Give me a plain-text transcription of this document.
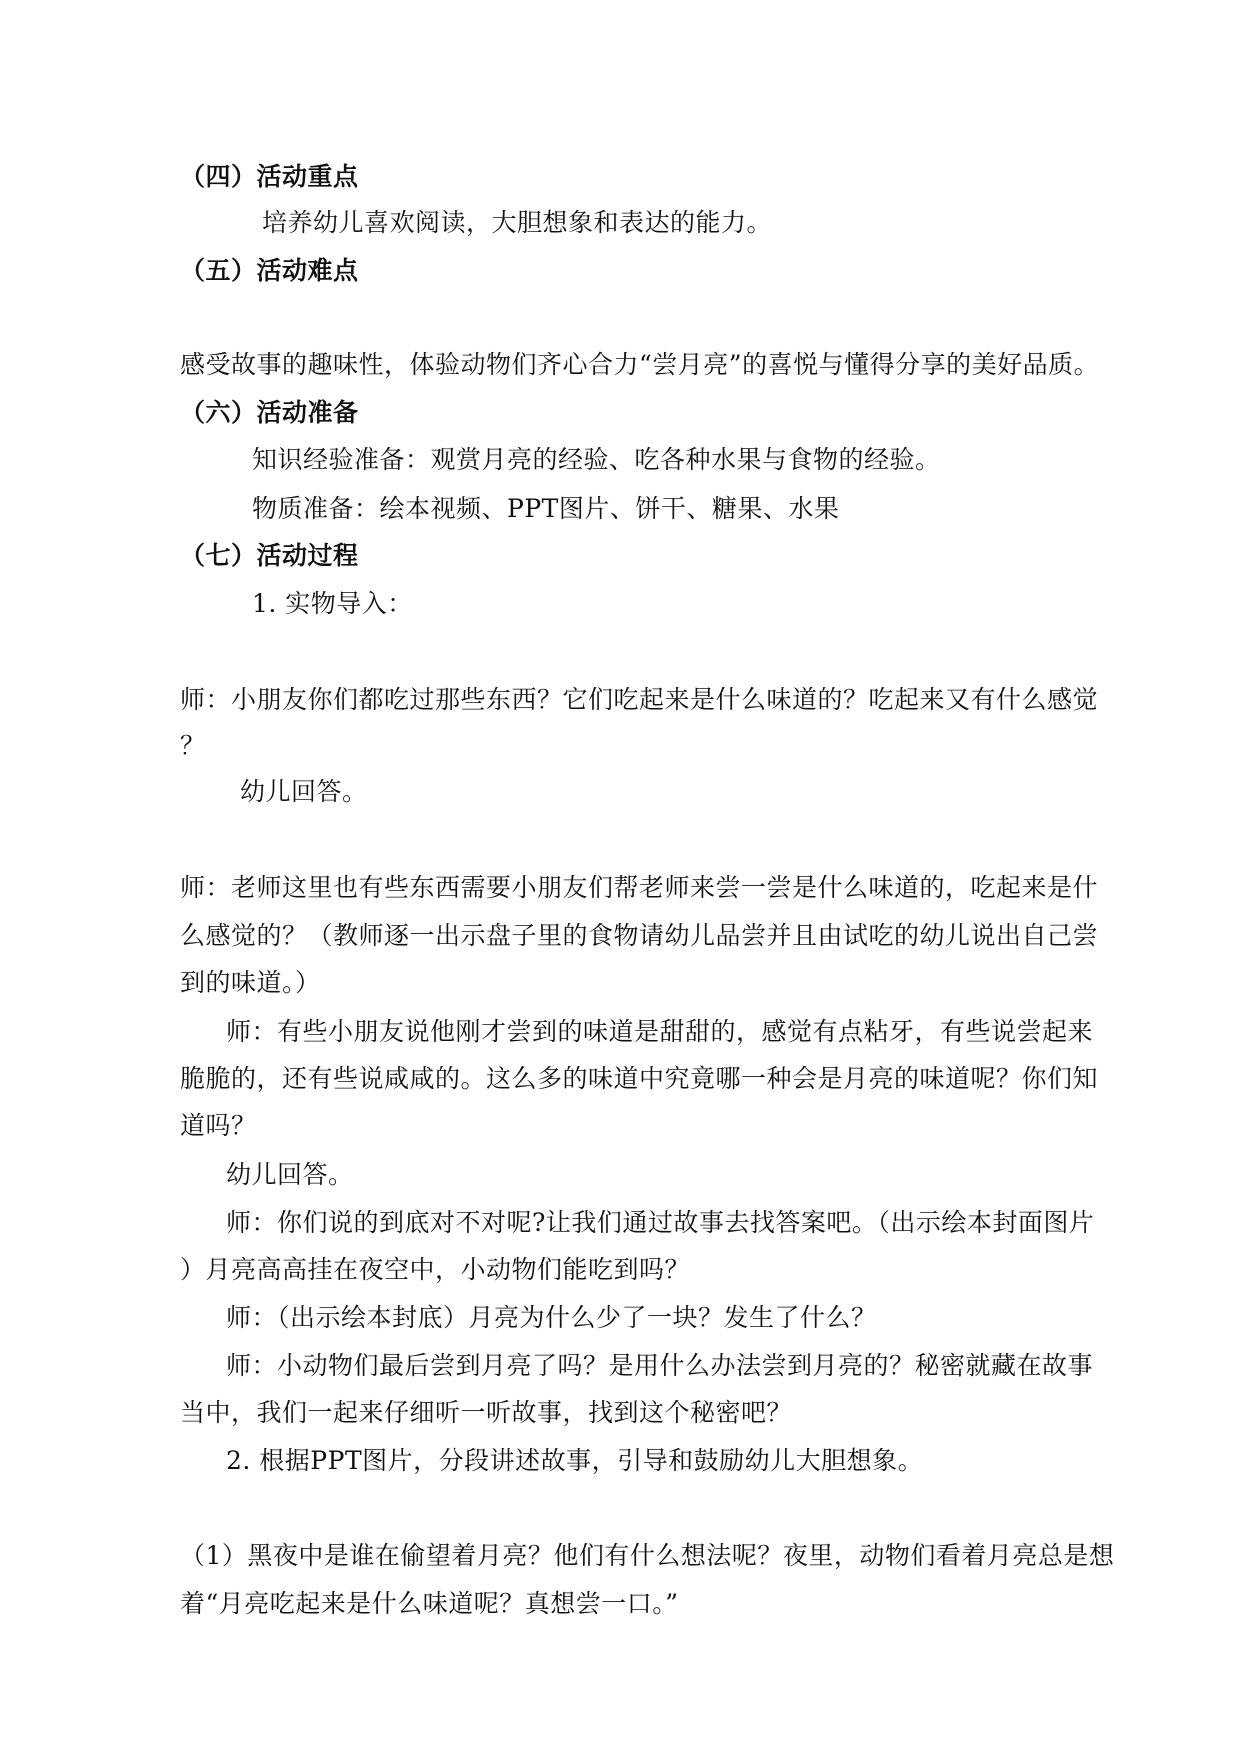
（四）活动重点
培养幼儿喜欢阅读，大胆想象和表达的能力。
（五）活动难点
感受故事的趣味性，体验动物们齐心合力“尝月亮”的喜悦与懂得分享的美好品质。
（六）活动准备
知识经验准备：观赏月亮的经验、吃各种水果与食物的经验。
物质准备：绘本视频、PPT图片、饼干、糖果、水果
（七）活动过程
1. 实物导入：
师：小朋友你们都吃过那些东西？它们吃起来是什么味道的？吃起来又有什么感觉
？
幼儿回答。
师：老师这里也有些东西需要小朋友们帮老师来尝一尝是什么味道的，吃起来是什
么感觉的？（教师逐一出示盘子里的食物请幼儿品尝并且由试吃的幼儿说出自己尝
到的味道。）
师：有些小朋友说他刚才尝到的味道是甜甜的，感觉有点粘牙，有些说尝起来
脆脆的，还有些说咸咸的。这么多的味道中究竟哪一种会是月亮的味道呢？你们知
道吗？
幼儿回答。
师：你们说的到底对不对呢?让我们通过故事去找答案吧。（出示绘本封面图片
）月亮高高挂在夜空中，小动物们能吃到吗？
师：（出示绘本封底）月亮为什么少了一块？发生了什么？
师：小动物们最后尝到月亮了吗？是用什么办法尝到月亮的？秘密就藏在故事
当中，我们一起来仔细听一听故事，找到这个秘密吧？
2. 根据PPT图片，分段讲述故事，引导和鼓励幼儿大胆想象。
（1）黑夜中是谁在偷望着月亮？他们有什么想法呢？夜里，动物们看着月亮总是想
着“月亮吃起来是什么味道呢？真想尝一口。”
